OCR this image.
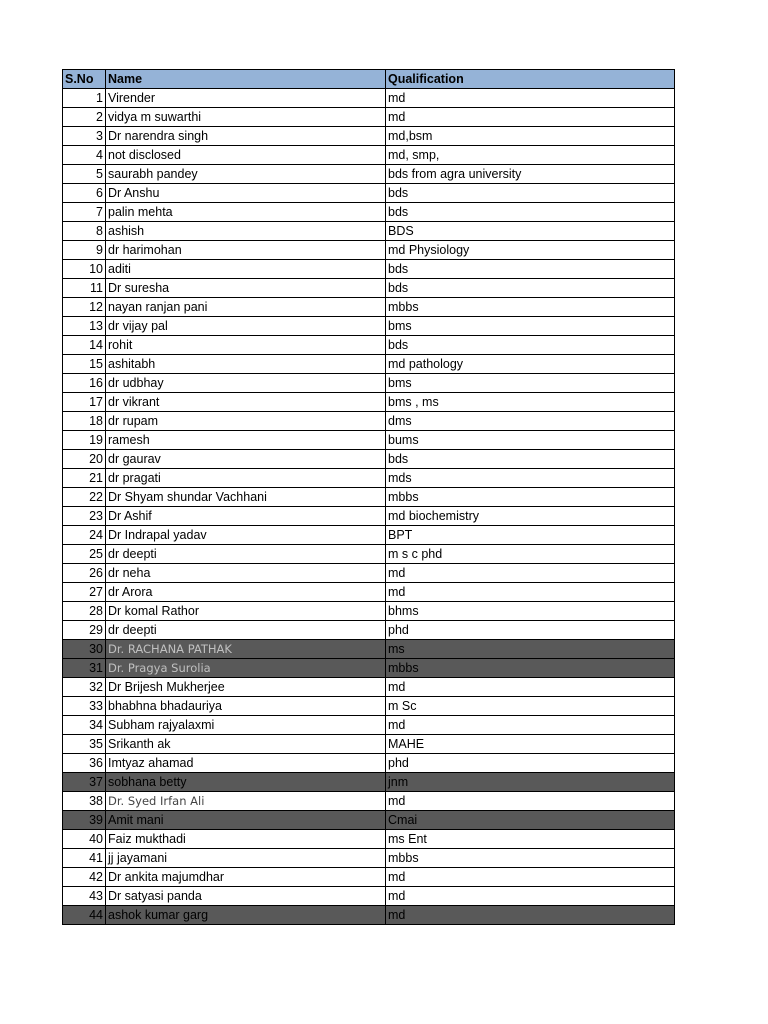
S.No	Name	Qualification
1	Virender	md
2	vidya m suwarthi	md
3	Dr narendra singh	md,bsm
4	not disclosed	md, smp,
5	saurabh pandey	bds from agra university
6	Dr Anshu	bds
7	palin mehta	bds
8	ashish	BDS
9	dr harimohan	md Physiology
10	aditi	bds
11	Dr suresha	bds
12	nayan ranjan pani	mbbs
13	dr vijay pal	bms
14	rohit	bds
15	ashitabh	md pathology
16	dr udbhay	bms
17	dr vikrant	bms , ms
18	dr rupam	dms
19	ramesh	bums
20	dr gaurav	bds
21	dr pragati	mds
22	Dr Shyam shundar Vachhani	mbbs
23	Dr Ashif	md biochemistry
24	Dr Indrapal yadav	BPT
25	dr deepti	m s c phd
26	dr neha	md
27	dr Arora	md
28	Dr komal Rathor	bhms
29	dr deepti	phd
30	Dr. RACHANA PATHAK	ms
31	Dr. Pragya Surolia	mbbs
32	Dr Brijesh Mukherjee	md
33	bhabhna bhadauriya	m Sc
34	Subham rajyalaxmi	md
35	Srikanth ak	MAHE
36	Imtyaz ahamad	phd
37	sobhana betty	jnm
38	Dr. Syed Irfan Ali	md
39	Amit mani	Cmai
40	Faiz mukthadi	ms Ent
41	jj jayamani	mbbs
42	Dr ankita majumdhar	md
43	Dr satyasi panda	md
44	ashok kumar garg	md
